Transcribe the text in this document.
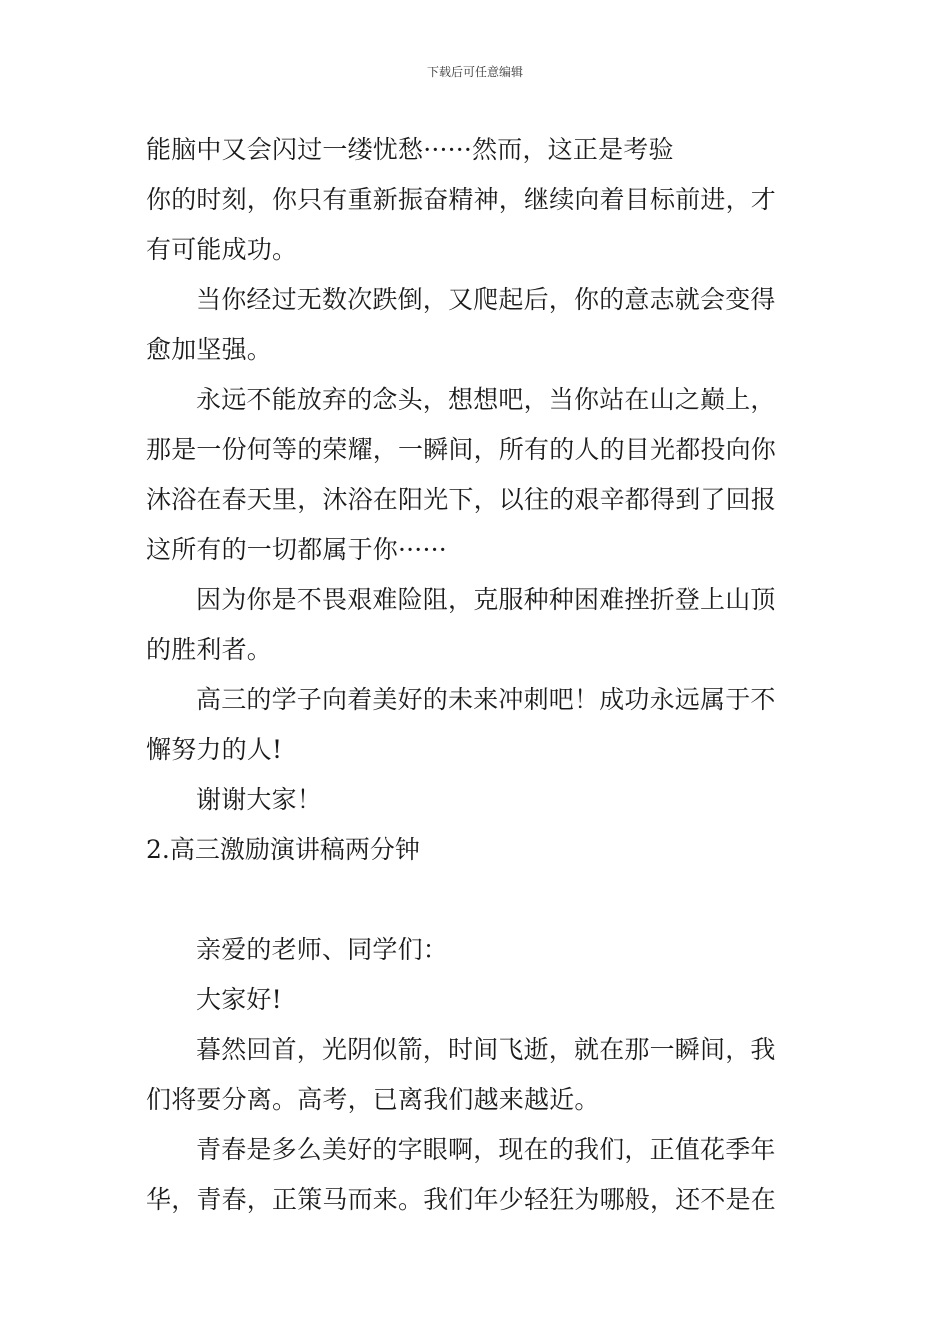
下载后可任意编辑
能脑中又会闪过一缕忧愁······然而，这正是考验
你的时刻，你只有重新振奋精神，继续向着目标前进，才
有可能成功。
当你经过无数次跌倒，又爬起后，你的意志就会变得
愈加坚强。
永远不能放弃的念头，想想吧，当你站在山之巅上，
那是一份何等的荣耀，一瞬间，所有的人的目光都投向你
沐浴在春天里，沐浴在阳光下，以往的艰辛都得到了回报
这所有的一切都属于你······
因为你是不畏艰难险阻，克服种种困难挫折登上山顶
的胜利者。
高三的学子向着美好的未来冲刺吧！成功永远属于不
懈努力的人!
谢谢大家！
2.高三激励演讲稿两分钟
亲爱的老师、同学们：
大家好!
暮然回首，光阴似箭，时间飞逝，就在那一瞬间，我
们将要分离。高考，已离我们越来越近。
青春是多么美好的字眼啊，现在的我们，正值花季年
华，青春，正策马而来。我们年少轻狂为哪般，还不是在
